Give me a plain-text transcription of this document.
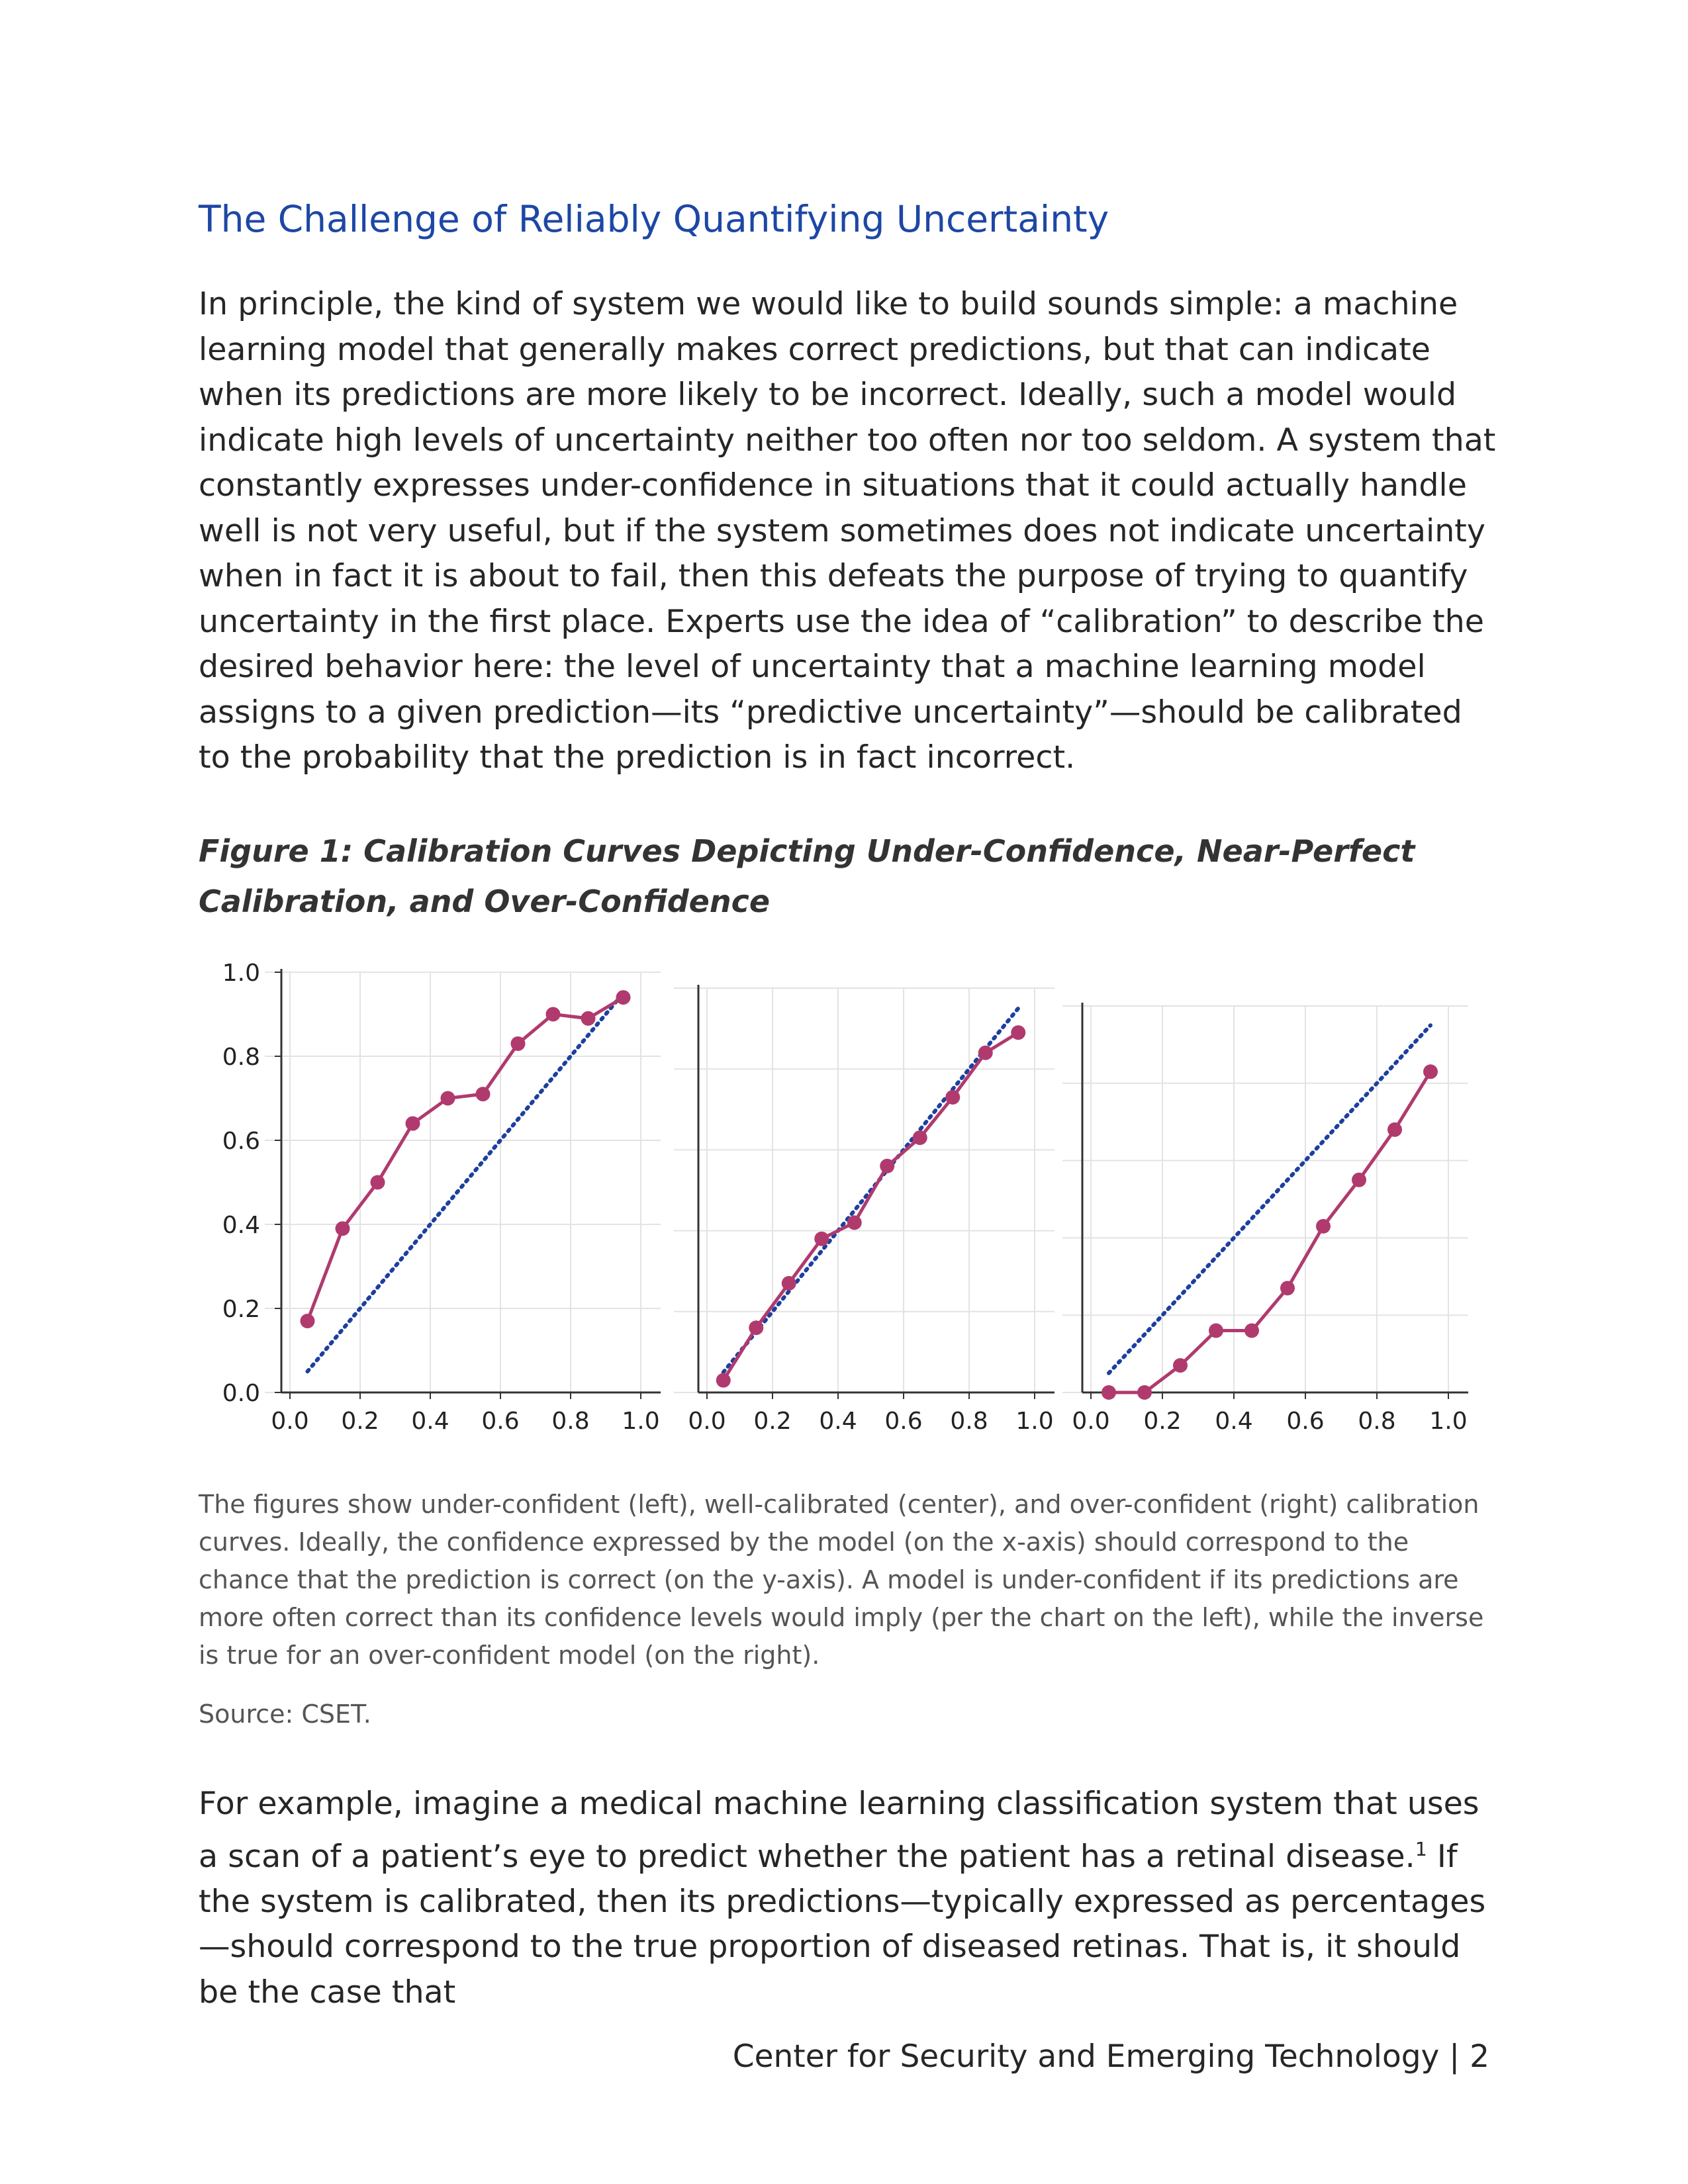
The Challenge of Reliably Quantifying Uncertainty

In principle, the kind of system we would like to build sounds simple: a machine learning model that generally makes correct predictions, but that can indicate when its predictions are more likely to be incorrect. Ideally, such a model would indicate high levels of uncertainty neither too often nor too seldom. A system that constantly expresses under-confidence in situations that it could actually handle well is not very useful, but if the system sometimes does not indicate uncertainty when in fact it is about to fail, then this defeats the purpose of trying to quantify uncertainty in the first place. Experts use the idea of “calibration” to describe the desired behavior here: the level of uncertainty that a machine learning model assigns to a given prediction—its “predictive uncertainty”—should be calibrated to the probability that the prediction is in fact incorrect.

Figure 1: Calibration Curves Depicting Under-Confidence, Near-Perfect Calibration, and Over-Confidence

0.0 0.2 0.4 0.6 0.8 1.0
0.0
0.2
0.4
0.6
0.8
1.0
0.0 0.2 0.4 0.6 0.8 1.0 0.0 0.2 0.4 0.6 0.8 1.0

The figures show under-confident (left), well-calibrated (center), and over-confident (right) calibration curves. Ideally, the confidence expressed by the model (on the x-axis) should correspond to the chance that the prediction is correct (on the y-axis). A model is under-confident if its predictions are more often correct than its confidence levels would imply (per the chart on the left), while the inverse is true for an over-confident model (on the right).

Source: CSET.

For example, imagine a medical machine learning classification system that uses a scan of a patient’s eye to predict whether the patient has a retinal disease.$^1$ If the system is calibrated, then its predictions—typically expressed as percentages—should correspond to the true proportion of diseased retinas. That is, it should be the case that

Center for Security and Emerging Technology | 2
